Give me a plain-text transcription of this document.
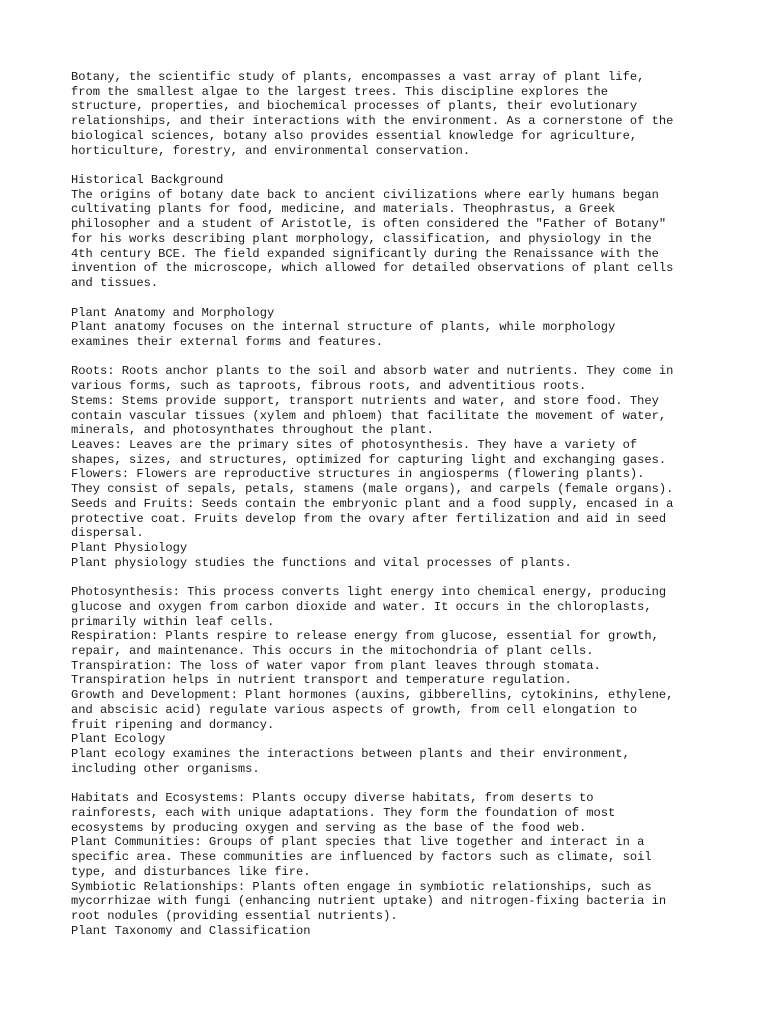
Botany, the scientific study of plants, encompasses a vast array of plant life,
from the smallest algae to the largest trees. This discipline explores the
structure, properties, and biochemical processes of plants, their evolutionary
relationships, and their interactions with the environment. As a cornerstone of the
biological sciences, botany also provides essential knowledge for agriculture,
horticulture, forestry, and environmental conservation.
Historical Background
The origins of botany date back to ancient civilizations where early humans began
cultivating plants for food, medicine, and materials. Theophrastus, a Greek
philosopher and a student of Aristotle, is often considered the "Father of Botany"
for his works describing plant morphology, classification, and physiology in the
4th century BCE. The field expanded significantly during the Renaissance with the
invention of the microscope, which allowed for detailed observations of plant cells
and tissues.
Plant Anatomy and Morphology
Plant anatomy focuses on the internal structure of plants, while morphology
examines their external forms and features.
Roots: Roots anchor plants to the soil and absorb water and nutrients. They come in
various forms, such as taproots, fibrous roots, and adventitious roots.
Stems: Stems provide support, transport nutrients and water, and store food. They
contain vascular tissues (xylem and phloem) that facilitate the movement of water,
minerals, and photosynthates throughout the plant.
Leaves: Leaves are the primary sites of photosynthesis. They have a variety of
shapes, sizes, and structures, optimized for capturing light and exchanging gases.
Flowers: Flowers are reproductive structures in angiosperms (flowering plants).
They consist of sepals, petals, stamens (male organs), and carpels (female organs).
Seeds and Fruits: Seeds contain the embryonic plant and a food supply, encased in a
protective coat. Fruits develop from the ovary after fertilization and aid in seed
dispersal.
Plant Physiology
Plant physiology studies the functions and vital processes of plants.
Photosynthesis: This process converts light energy into chemical energy, producing
glucose and oxygen from carbon dioxide and water. It occurs in the chloroplasts,
primarily within leaf cells.
Respiration: Plants respire to release energy from glucose, essential for growth,
repair, and maintenance. This occurs in the mitochondria of plant cells.
Transpiration: The loss of water vapor from plant leaves through stomata.
Transpiration helps in nutrient transport and temperature regulation.
Growth and Development: Plant hormones (auxins, gibberellins, cytokinins, ethylene,
and abscisic acid) regulate various aspects of growth, from cell elongation to
fruit ripening and dormancy.
Plant Ecology
Plant ecology examines the interactions between plants and their environment,
including other organisms.
Habitats and Ecosystems: Plants occupy diverse habitats, from deserts to
rainforests, each with unique adaptations. They form the foundation of most
ecosystems by producing oxygen and serving as the base of the food web.
Plant Communities: Groups of plant species that live together and interact in a
specific area. These communities are influenced by factors such as climate, soil
type, and disturbances like fire.
Symbiotic Relationships: Plants often engage in symbiotic relationships, such as
mycorrhizae with fungi (enhancing nutrient uptake) and nitrogen-fixing bacteria in
root nodules (providing essential nutrients).
Plant Taxonomy and Classification
